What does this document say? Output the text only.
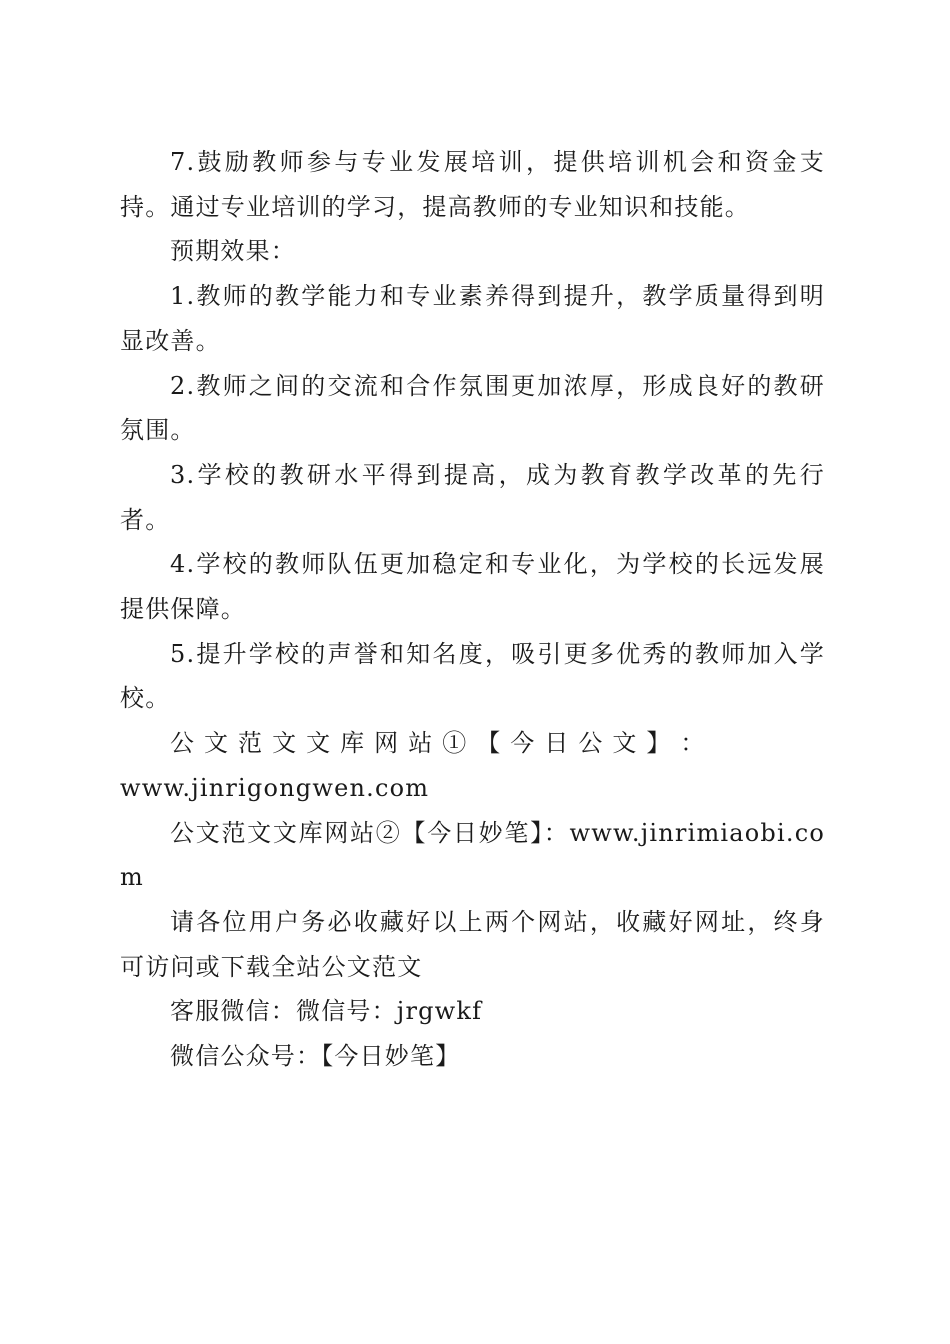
7.鼓励教师参与专业发展培训，提供培训机会和资金支持。通过专业培训的学习，提高教师的专业知识和技能。

预期效果：

1.教师的教学能力和专业素养得到提升，教学质量得到明显改善。

2.教师之间的交流和合作氛围更加浓厚，形成良好的教研氛围。

3.学校的教研水平得到提高，成为教育教学改革的先行者。

4.学校的教师队伍更加稳定和专业化，为学校的长远发展提供保障。

5.提升学校的声誉和知名度，吸引更多优秀的教师加入学校。

公 文 范 文 文 库 网 站 ① 【 今 日 公 文 】 ：
www.jinrigongwen.com

公文范文文库网站②【今日妙笔】：www.jinrimiaobi.com

请各位用户务必收藏好以上两个网站，收藏好网址，终身可访问或下载全站公文范文

客服微信：微信号：jrgwkf

微信公众号：【今日妙笔】
